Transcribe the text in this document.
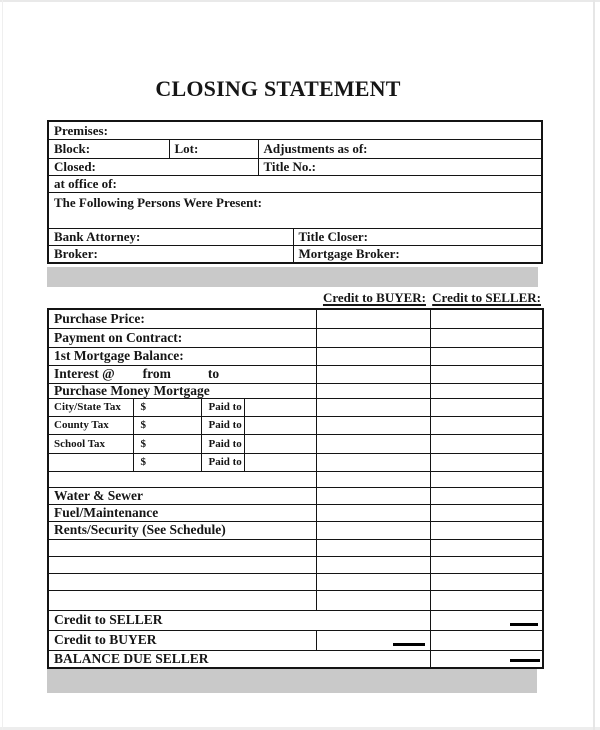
CLOSING STATEMENT
Premises:			
Block:	Lot:	Adjustments as of:	
Closed:		Title No.:	
at office of:			
The Following Persons Were Present:			
Bank Attorney:			Title Closer:
Broker:			Mortgage Broker:
Credit to BUYER: Credit to SELLER:
Purchase Price:					
Payment on Contract:					
1st Mortgage Balance:					
Interest @ from to					
Purchase Money Mortgage					
City/State Tax	$	Paid to			
County Tax	$	Paid to			
School Tax	$	Paid to			
	$	Paid to			

Water & Sewer					
Fuel/Maintenance					
Rents/Security (See Schedule)					

Credit to SELLER					

Credit to BUYER				

BALANCE DUE SELLER					
